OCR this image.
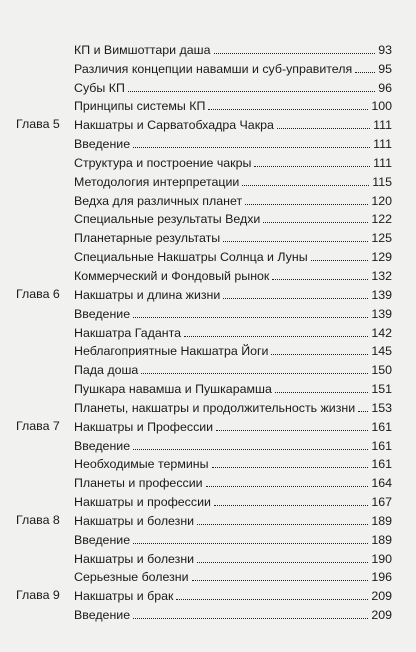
КП и Вимшоттари даша	93
Различия концепции навамши и суб-управителя 95
Субы КП	96
Принципы системы КП	100
Глава 5	Накшатры и Сарватобхадра Чакра	111
Введение	111
Структура и построение чакры	111
Методология интерпретации	115
Ведха для различных планет	120
Специальные результаты Ведхи	122
Планетарные результаты	125
Специальные Накшатры Солнца и Луны	129
Коммерческий и Фондовый рынок	132
Глава 6	Накшатры и длина жизни	139
Введение	139
Накшатра Гаданта	142
Неблагоприятные Накшатра Йоги	145
Пада доша	150
Пушкара навамша и Пушкарамша	151
Планеты, накшатры и продолжительность жизни 153
Глава 7	Накшатры и Профессии	161
Введение	161
Необходимые термины	161
Планеты и профессии	164
Накшатры и профессии	167
Глава 8	Накшатры и болезни	189
Введение	189
Накшатры и болезни	190
Серьезные болезни	196
Глава 9	Накшатры и брак	209
Введение	209
